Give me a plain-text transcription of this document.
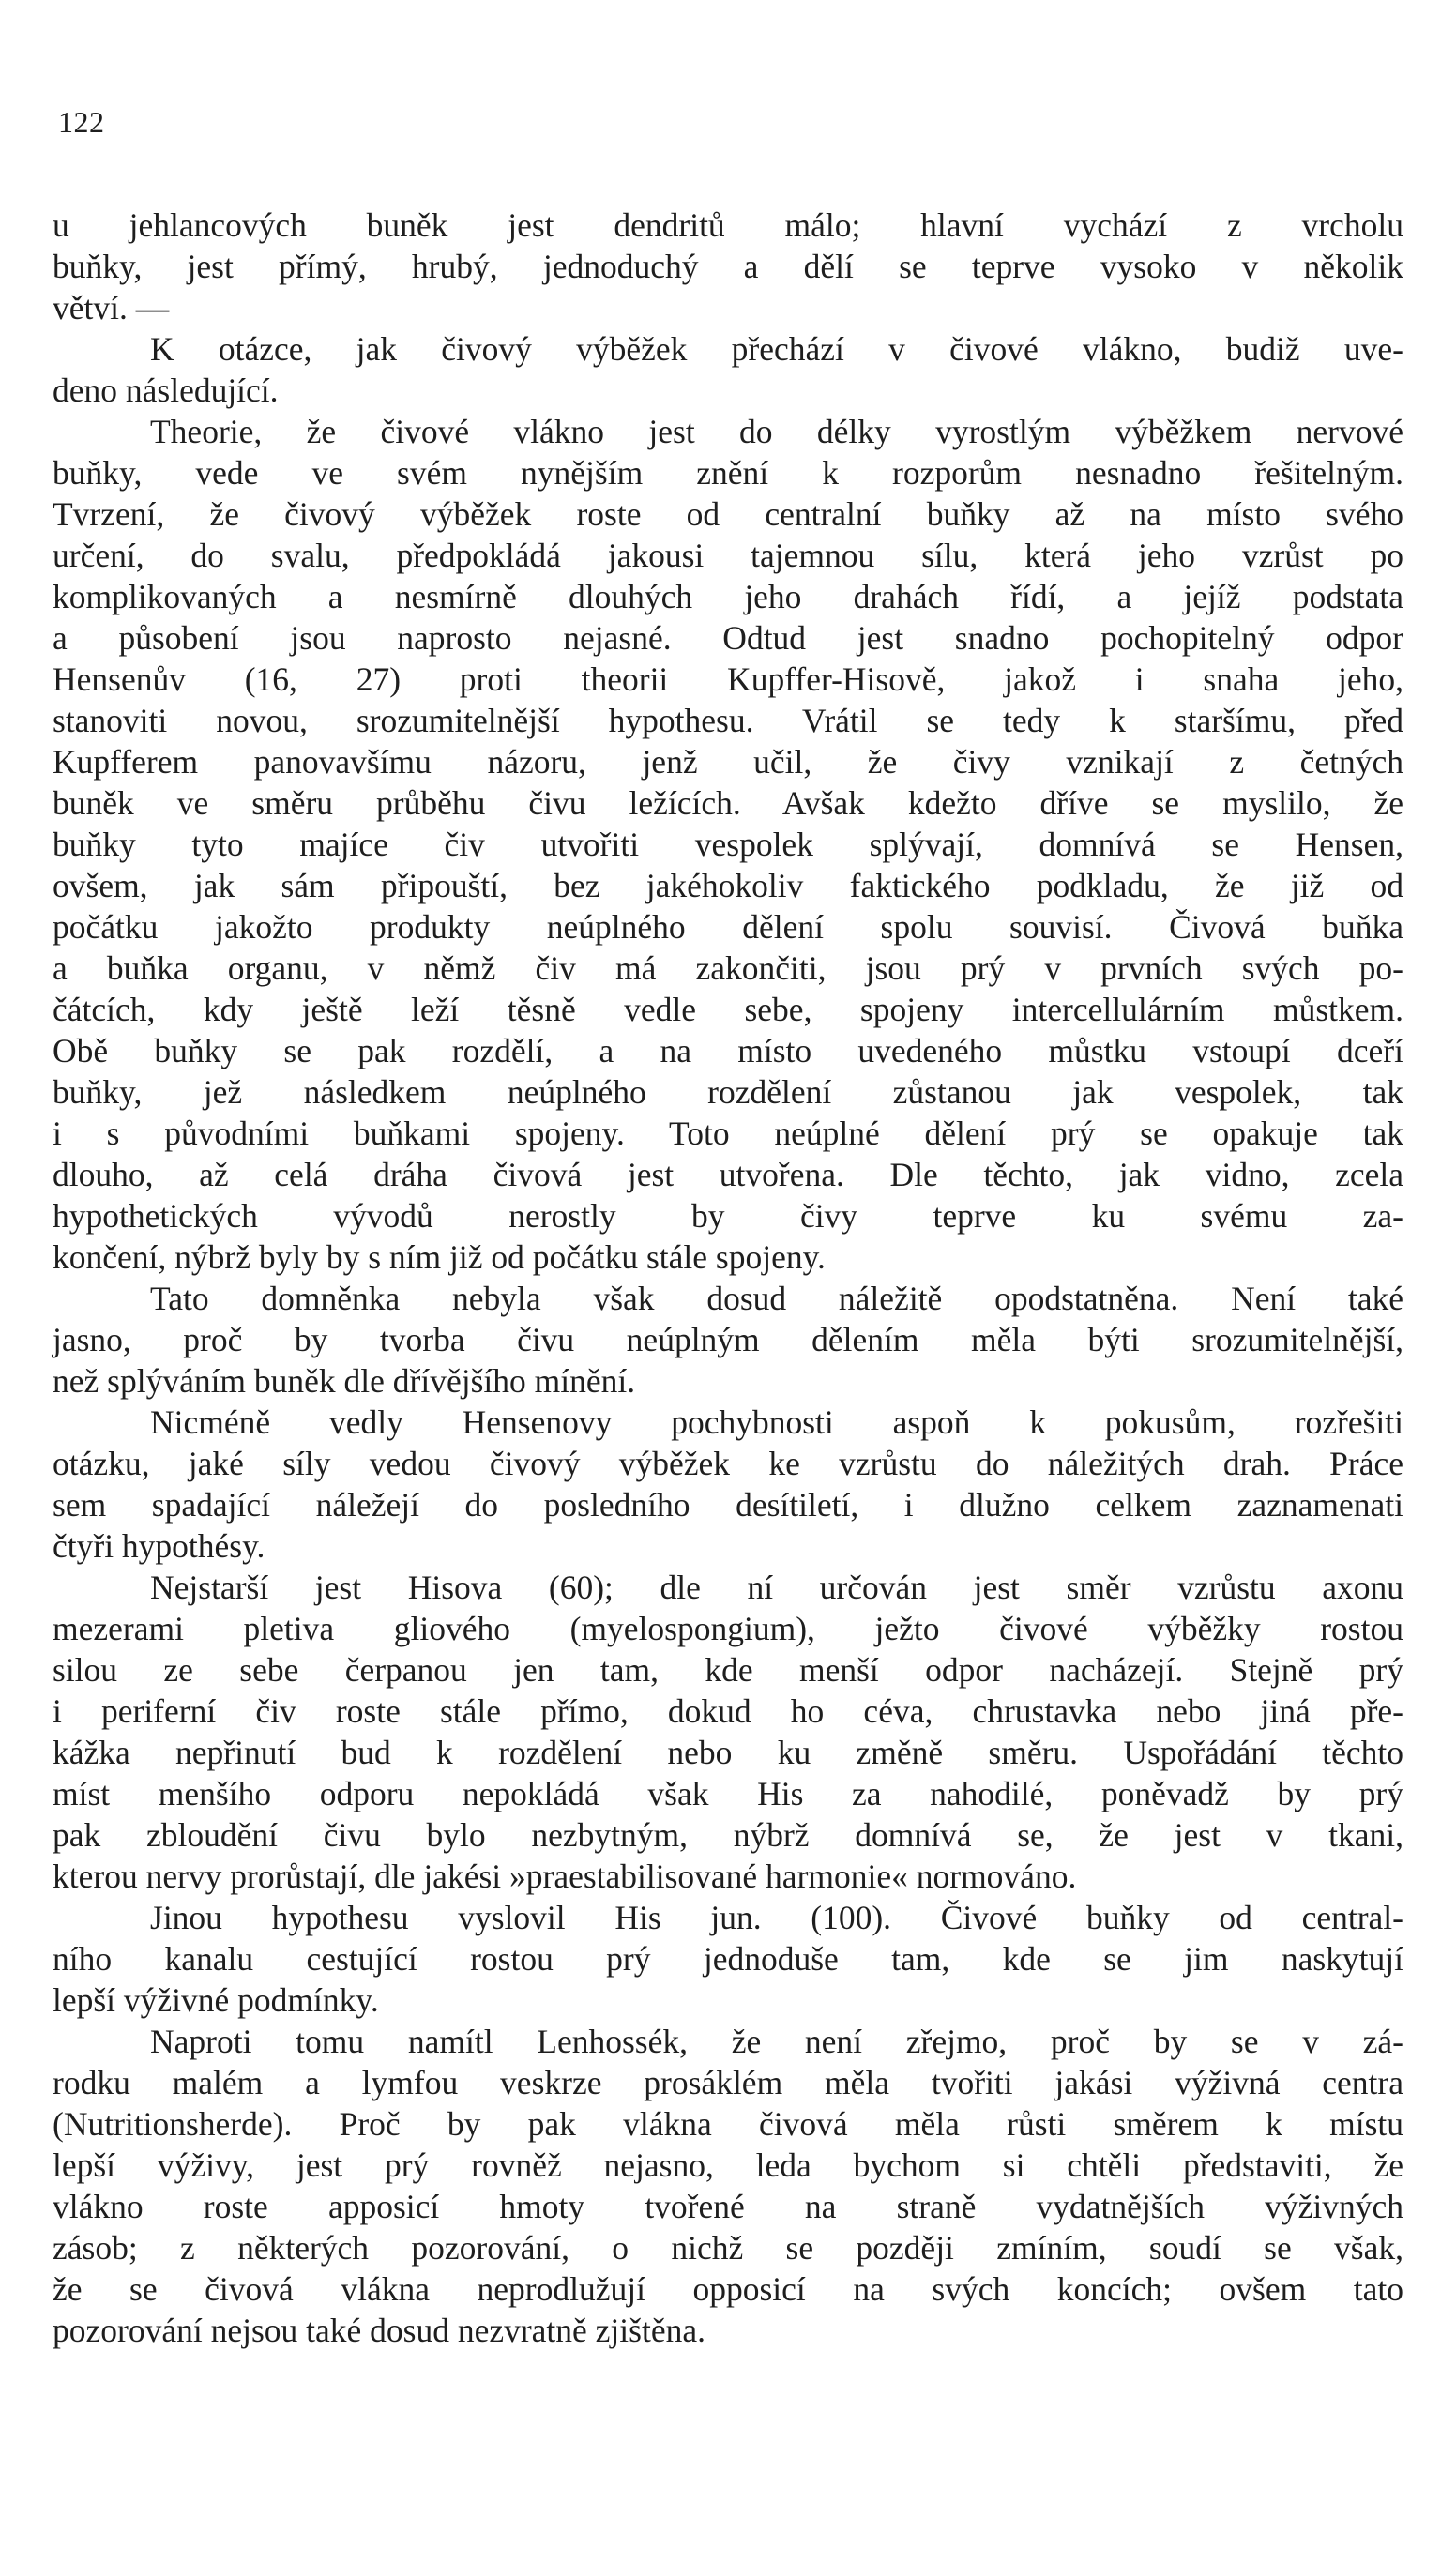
122
u jehlancových buněk jest dendritů málo; hlavní vychází z vrcholu
buňky, jest přímý, hrubý, jednoduchý a dělí se teprve vysoko v několik
větví. —
K otázce, jak čivový výběžek přechází v čivové vlákno, budiž uve-
deno následující.
Theorie, že čivové vlákno jest do délky vyrostlým výběžkem nervové
buňky, vede ve svém nynějším znění k rozporům nesnadno řešitelným.
Tvrzení, že čivový výběžek roste od centralní buňky až na místo svého
určení, do svalu, předpokládá jakousi tajemnou sílu, která jeho vzrůst po
komplikovaných a nesmírně dlouhých jeho drahách řídí, a jejíž podstata
a působení jsou naprosto nejasné. Odtud jest snadno pochopitelný odpor
Hensenův (16, 27) proti theorii Kupffer-Hisově, jakož i snaha jeho,
stanoviti novou, srozumitelnější hypothesu. Vrátil se tedy k staršímu, před
Kupfferem panovavšímu názoru, jenž učil, že čivy vznikají z četných
buněk ve směru průběhu čivu ležících. Avšak kdežto dříve se myslilo, že
buňky tyto majíce čiv utvořiti vespolek splývají, domnívá se Hensen,
ovšem, jak sám připouští, bez jakéhokoliv faktického podkladu, že již od
počátku jakožto produkty neúplného dělení spolu souvisí. Čivová buňka
a buňka organu, v němž čiv má zakončiti, jsou prý v prvních svých po-
čátcích, kdy ještě leží těsně vedle sebe, spojeny intercellulárním můstkem.
Obě buňky se pak rozdělí, a na místo uvedeného můstku vstoupí dceří
buňky, jež následkem neúplného rozdělení zůstanou jak vespolek, tak
i s původními buňkami spojeny. Toto neúplné dělení prý se opakuje tak
dlouho, až celá dráha čivová jest utvořena. Dle těchto, jak vidno, zcela
hypothetických vývodů nerostly by čivy teprve ku svému za-
končení, nýbrž byly by s ním již od počátku stále spojeny.
Tato domněnka nebyla však dosud náležitě opodstatněna. Není také
jasno, proč by tvorba čivu neúplným dělením měla býti srozumitelnější,
než splýváním buněk dle dřívějšího mínění.
Nicméně vedly Hensenovy pochybnosti aspoň k pokusům, rozřešiti
otázku, jaké síly vedou čivový výběžek ke vzrůstu do náležitých drah. Práce
sem spadající náležejí do posledního desítiletí, i dlužno celkem zaznamenati
čtyři hypothésy.
Nejstarší jest Hisova (60); dle ní určován jest směr vzrůstu axonu
mezerami pletiva gliového (myelospongium), ježto čivové výběžky rostou
silou ze sebe čerpanou jen tam, kde menší odpor nacházejí. Stejně prý
i periferní čiv roste stále přímo, dokud ho céva, chrustavka nebo jiná pře-
kážka nepřinutí bud k rozdělení nebo ku změně směru. Uspořádání těchto
míst menšího odporu nepokládá však His za nahodilé, poněvadž by prý
pak zbloudění čivu bylo nezbytným, nýbrž domnívá se, že jest v tkani,
kterou nervy prorůstají, dle jakési »praestabilisované harmonie« normováno.
Jinou hypothesu vyslovil His jun. (100). Čivové buňky od central-
ního kanalu cestující rostou prý jednoduše tam, kde se jim naskytují
lepší výživné podmínky.
Naproti tomu namítl Lenhossék, že není zřejmo, proč by se v zá-
rodku malém a lymfou veskrze prosáklém měla tvořiti jakási výživná centra
(Nutritionsherde). Proč by pak vlákna čivová měla růsti směrem k místu
lepší výživy, jest prý rovněž nejasno, leda bychom si chtěli představiti, že
vlákno roste apposicí hmoty tvořené na straně vydatnějších výživných
zásob; z některých pozorování, o nichž se později zmíním, soudí se však,
že se čivová vlákna neprodlužují opposicí na svých koncích; ovšem tato
pozorování nejsou také dosud nezvratně zjištěna.
